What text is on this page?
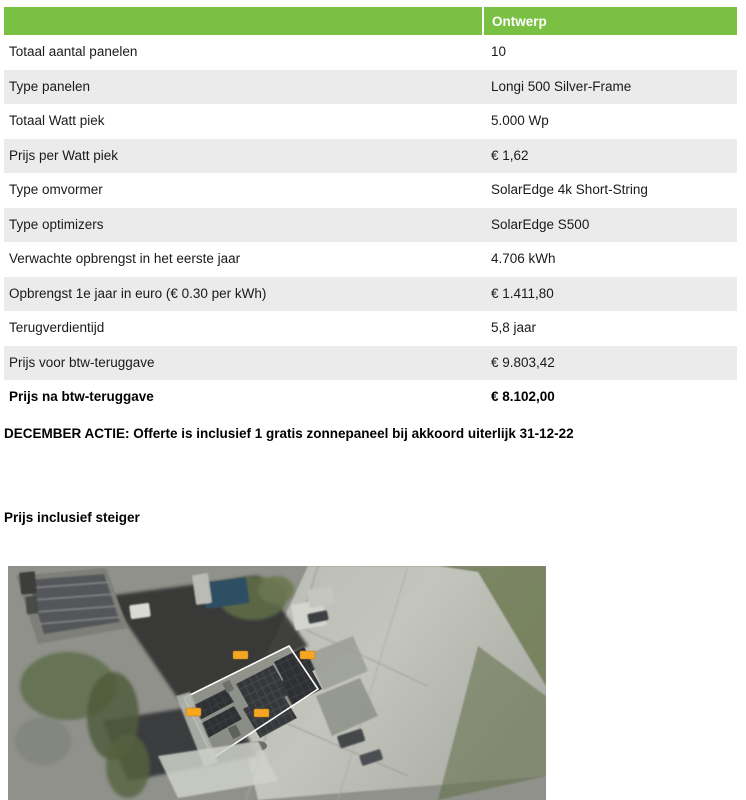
	Ontwerp
Totaal aantal panelen	10
Type panelen	Longi 500 Silver-Frame
Totaal Watt piek	5.000 Wp
Prijs per Watt piek	€ 1,62
Type omvormer	SolarEdge 4k Short-String
Type optimizers	SolarEdge S500
Verwachte opbrengst in het eerste jaar	4.706 kWh
Opbrengst 1e jaar in euro (€ 0.30 per kWh)	€ 1.411,80
Terugverdientijd	5,8 jaar
Prijs voor btw-teruggave	€ 9.803,42
Prijs na btw-teruggave	€ 8.102,00
DECEMBER ACTIE: Offerte is inclusief 1 gratis zonnepaneel bij akkoord uiterlijk 31-12-22
Prijs inclusief steiger
